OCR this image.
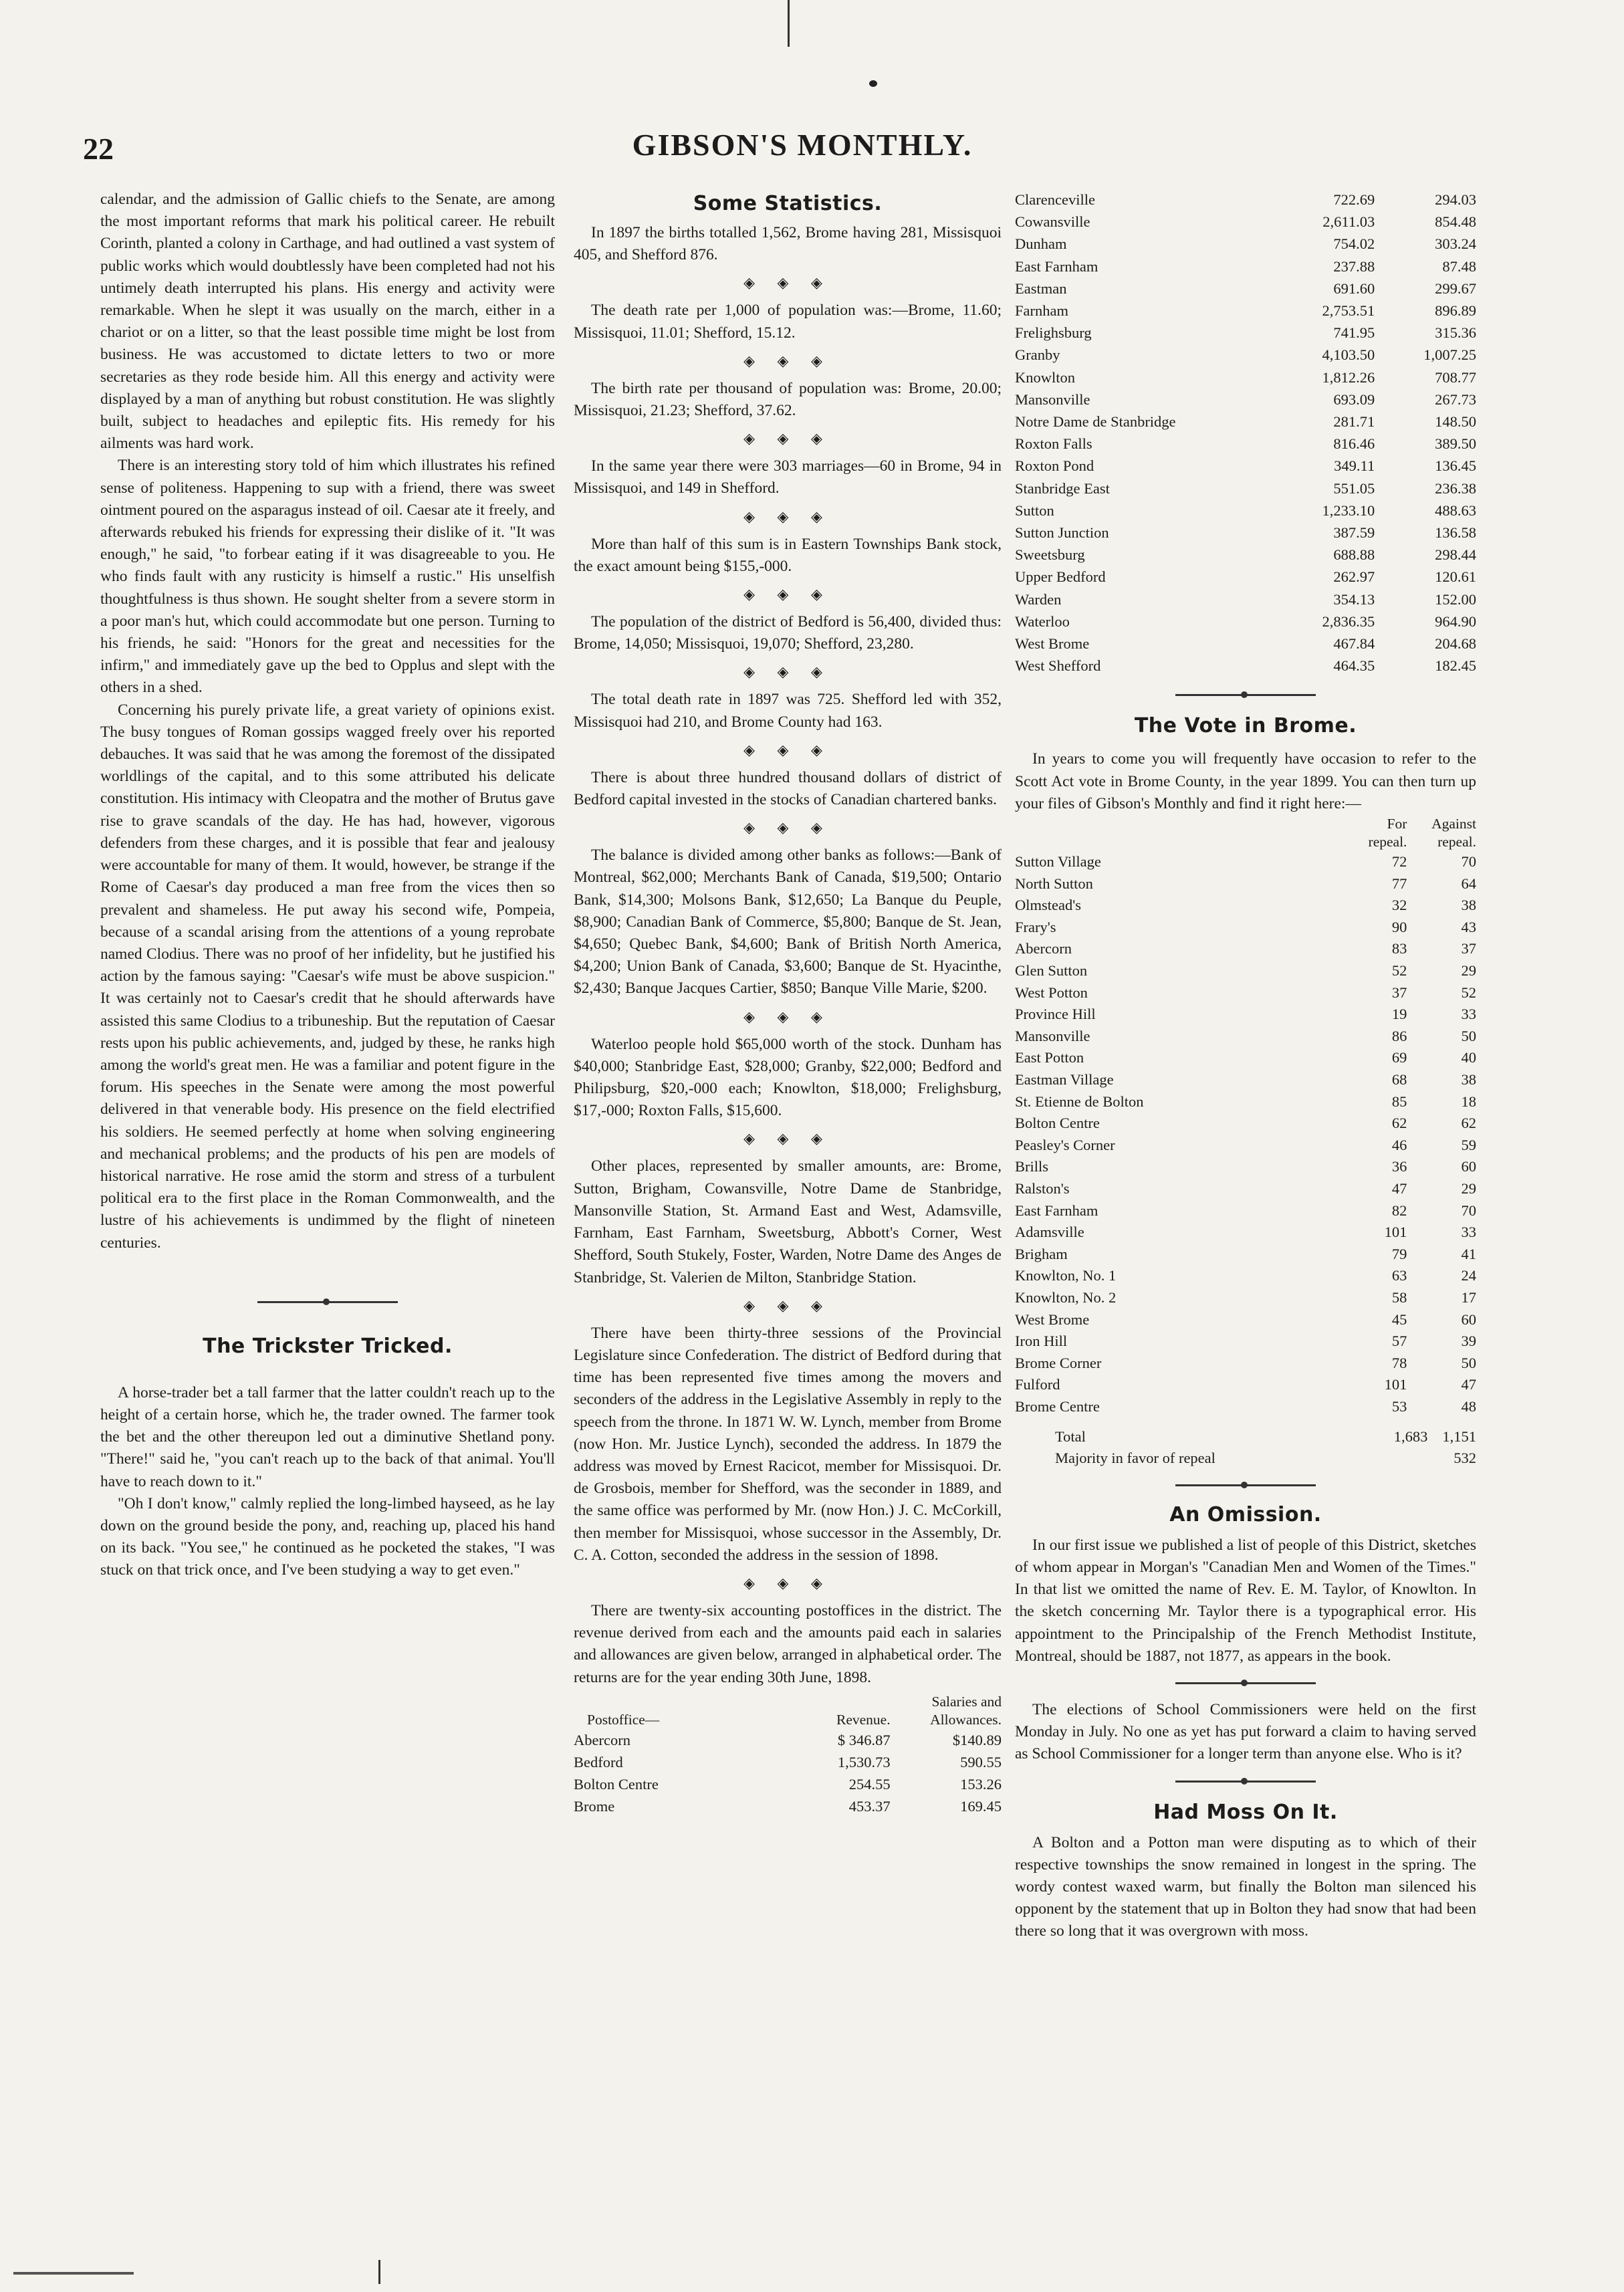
22	GIBSON'S MONTHLY.

calendar, and the admission of Gallic chiefs to the Senate, are among the most important reforms that mark his political career. He rebuilt Corinth, planted a colony in Carthage, and had outlined a vast system of public works which would doubtlessly have been completed had not his untimely death interrupted his plans. His energy and activity were remarkable. When he slept it was usually on the march, either in a chariot or on a litter, so that the least possible time might be lost from business. He was accustomed to dictate letters to two or more secretaries as they rode beside him. All this energy and activity were displayed by a man of anything but robust constitution. He was slightly built, subject to headaches and epileptic fits. His remedy for his ailments was hard work.

There is an interesting story told of him which illustrates his refined sense of politeness. Happening to sup with a friend, there was sweet ointment poured on the asparagus instead of oil. Caesar ate it freely, and afterwards rebuked his friends for expressing their dislike of it. "It was enough," he said, "to forbear eating if it was disagreeable to you. He who finds fault with any rusticity is himself a rustic." His unselfish thoughtfulness is thus shown. He sought shelter from a severe storm in a poor man's hut, which could accommodate but one person. Turning to his friends, he said: "Honors for the great and necessities for the infirm," and immediately gave up the bed to Opplus and slept with the others in a shed.

Concerning his purely private life, a great variety of opinions exist. The busy tongues of Roman gossips wagged freely over his reported debauches. It was said that he was among the foremost of the dissipated worldlings of the capital, and to this some attributed his delicate constitution. His intimacy with Cleopatra and the mother of Brutus gave rise to grave scandals of the day. He has had, however, vigorous defenders from these charges, and it is possible that fear and jealousy were accountable for many of them. It would, however, be strange if the Rome of Caesar's day produced a man free from the vices then so prevalent and shameless. He put away his second wife, Pompeia, because of a scandal arising from the attentions of a young reprobate named Clodius. There was no proof of her infidelity, but he justified his action by the famous saying: "Caesar's wife must be above suspicion." It was certainly not to Caesar's credit that he should afterwards have assisted this same Clodius to a tribuneship. But the reputation of Caesar rests upon his public achievements, and, judged by these, he ranks high among the world's great men. He was a familiar and potent figure in the forum. His speeches in the Senate were among the most powerful delivered in that venerable body. His presence on the field electrified his soldiers. He seemed perfectly at home when solving engineering and mechanical problems; and the products of his pen are models of historical narrative. He rose amid the storm and stress of a turbulent political era to the first place in the Roman Commonwealth, and the lustre of his achievements is undimmed by the flight of nineteen centuries.

The Trickster Tricked.

A horse-trader bet a tall farmer that the latter couldn't reach up to the height of a certain horse, which he, the trader owned. The farmer took the bet and the other thereupon led out a diminutive Shetland pony. "There!" said he, "you can't reach up to the back of that animal. You'll have to reach down to it."

"Oh I don't know," calmly replied the long-limbed hayseed, as he lay down on the ground beside the pony, and, reaching up, placed his hand on its back. "You see," he continued as he pocketed the stakes, "I was stuck on that trick once, and I've been studying a way to get even."

Some Statistics.

In 1897 the births totalled 1,562, Brome having 281, Missisquoi 405, and Shefford 876.

◈ ◈ ◈

The death rate per 1,000 of population was:—Brome, 11.60; Missisquoi, 11.01; Shefford, 15.12.

◈ ◈ ◈

The birth rate per thousand of population was: Brome, 20.00; Missisquoi, 21.23; Shefford, 37.62.

◈ ◈ ◈

In the same year there were 303 marriages—60 in Brome, 94 in Missisquoi, and 149 in Shefford.

◈ ◈ ◈

More than half of this sum is in Eastern Townships Bank stock, the exact amount being $155,-000.

◈ ◈ ◈

The population of the district of Bedford is 56,400, divided thus: Brome, 14,050; Missisquoi, 19,070; Shefford, 23,280.

◈ ◈ ◈

The total death rate in 1897 was 725. Shefford led with 352, Missisquoi had 210, and Brome County had 163.

◈ ◈ ◈

There is about three hundred thousand dollars of district of Bedford capital invested in the stocks of Canadian chartered banks.

◈ ◈ ◈

The balance is divided among other banks as follows:—Bank of Montreal, $62,000; Merchants Bank of Canada, $19,500; Ontario Bank, $14,300; Molsons Bank, $12,650; La Banque du Peuple, $8,900; Canadian Bank of Commerce, $5,800; Banque de St. Jean, $4,650; Quebec Bank, $4,600; Bank of British North America, $4,200; Union Bank of Canada, $3,600; Banque de St. Hyacinthe, $2,430; Banque Jacques Cartier, $850; Banque Ville Marie, $200.

◈ ◈ ◈

Waterloo people hold $65,000 worth of the stock. Dunham has $40,000; Stanbridge East, $28,000; Granby, $22,000; Bedford and Philipsburg, $20,-000 each; Knowlton, $18,000; Frelighsburg, $17,-000; Roxton Falls, $15,600.

◈ ◈ ◈

Other places, represented by smaller amounts, are: Brome, Sutton, Brigham, Cowansville, Notre Dame de Stanbridge, Mansonville Station, St. Armand East and West, Adamsville, Farnham, East Farnham, Sweetsburg, Abbott's Corner, West Shefford, South Stukely, Foster, Warden, Notre Dame des Anges de Stanbridge, St. Valerien de Milton, Stanbridge Station.

◈ ◈ ◈

There have been thirty-three sessions of the Provincial Legislature since Confederation. The district of Bedford during that time has been represented five times among the movers and seconders of the address in the Legislative Assembly in reply to the speech from the throne. In 1871 W. W. Lynch, member from Brome (now Hon. Mr. Justice Lynch), seconded the address. In 1879 the address was moved by Ernest Racicot, member for Missisquoi. Dr. de Grosbois, member for Shefford, was the seconder in 1889, and the same office was performed by Mr. (now Hon.) J. C. McCorkill, then member for Missisquoi, whose successor in the Assembly, Dr. C. A. Cotton, seconded the address in the session of 1898.

◈ ◈ ◈

There are twenty-six accounting postoffices in the district. The revenue derived from each and the amounts paid each in salaries and allowances are given below, arranged in alphabetical order. The returns are for the year ending 30th June, 1898.

		Salaries and
Postoffice—	Revenue.	Allowances.
Abercorn	$ 346.87	$140.89
Bedford	1,530.73	590.55
Bolton Centre	254.55	153.26
Brome	453.37	169.45
Clarenceville	722.69	294.03
Cowansville	2,611.03	854.48
Dunham	754.02	303.24
East Farnham	237.88	87.48
Eastman	691.60	299.67
Farnham	2,753.51	896.89
Frelighsburg	741.95	315.36
Granby	4,103.50	1,007.25
Knowlton	1,812.26	708.77
Mansonville	693.09	267.73
Notre Dame de Stanbridge	281.71	148.50
Roxton Falls	816.46	389.50
Roxton Pond	349.11	136.45
Stanbridge East	551.05	236.38
Sutton	1,233.10	488.63
Sutton Junction	387.59	136.58
Sweetsburg	688.88	298.44
Upper Bedford	262.97	120.61
Warden	354.13	152.00
Waterloo	2,836.35	964.90
West Brome	467.84	204.68
West Shefford	464.35	182.45
The Vote in Brome.

In years to come you will frequently have occasion to refer to the Scott Act vote in Brome County, in the year 1899. You can then turn up your files of Gibson's Monthly and find it right here:—

	For	Against
	repeal.	repeal.
Sutton Village	72	70
North Sutton	77	64
Olmstead's	32	38
Frary's	90	43
Abercorn	83	37
Glen Sutton	52	29
West Potton	37	52
Province Hill	19	33
Mansonville	86	50
East Potton	69	40
Eastman Village	68	38
St. Etienne de Bolton	85	18
Bolton Centre	62	62
Peasley's Corner	46	59
Brills	36	60
Ralston's	47	29
East Farnham	82	70
Adamsville	101	33
Brigham	79	41
Knowlton, No. 1	63	24
Knowlton, No. 2	58	17
West Brome	45	60
Iron Hill	57	39
Brome Corner	78	50
Fulford	101	47
Brome Centre	53	48
Total	1,683	1,151
Majority in favor of repeal		532
An Omission.

In our first issue we published a list of people of this District, sketches of whom appear in Morgan's "Canadian Men and Women of the Times." In that list we omitted the name of Rev. E. M. Taylor, of Knowlton. In the sketch concerning Mr. Taylor there is a typographical error. His appointment to the Principalship of the French Methodist Institute, Montreal, should be 1887, not 1877, as appears in the book.

The elections of School Commissioners were held on the first Monday in July. No one as yet has put forward a claim to having served as School Commissioner for a longer term than anyone else. Who is it?

Had Moss On It.

A Bolton and a Potton man were disputing as to which of their respective townships the snow remained in longest in the spring. The wordy contest waxed warm, but finally the Bolton man silenced his opponent by the statement that up in Bolton they had snow that had been there so long that it was overgrown with moss.
